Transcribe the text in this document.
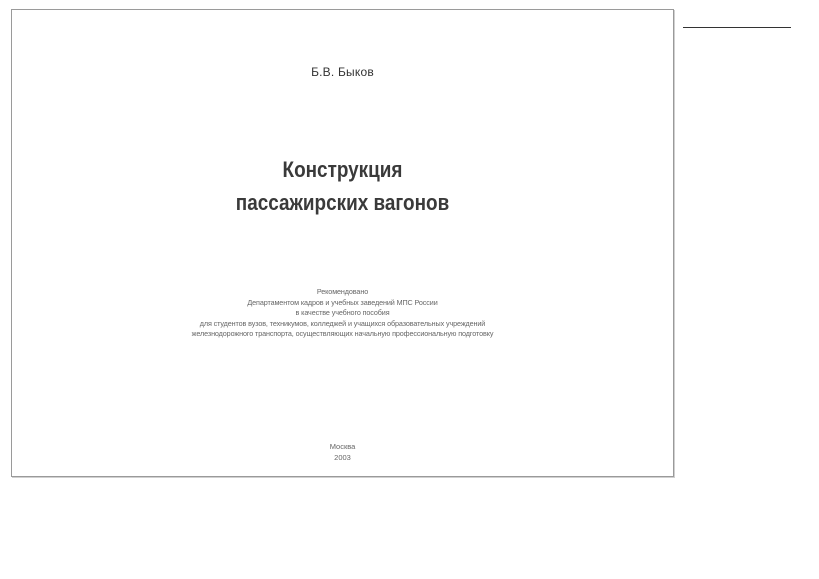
Б.В. Быков
Конструкция
пассажирских вагонов
Рекомендовано
Департаментом кадров и учебных заведений МПС России
в качестве учебного пособия
для студентов вузов, техникумов, колледжей и учащихся образовательных учреждений
железнодорожного транспорта, осуществляющих начальную профессиональную подготовку
Москва
2003
